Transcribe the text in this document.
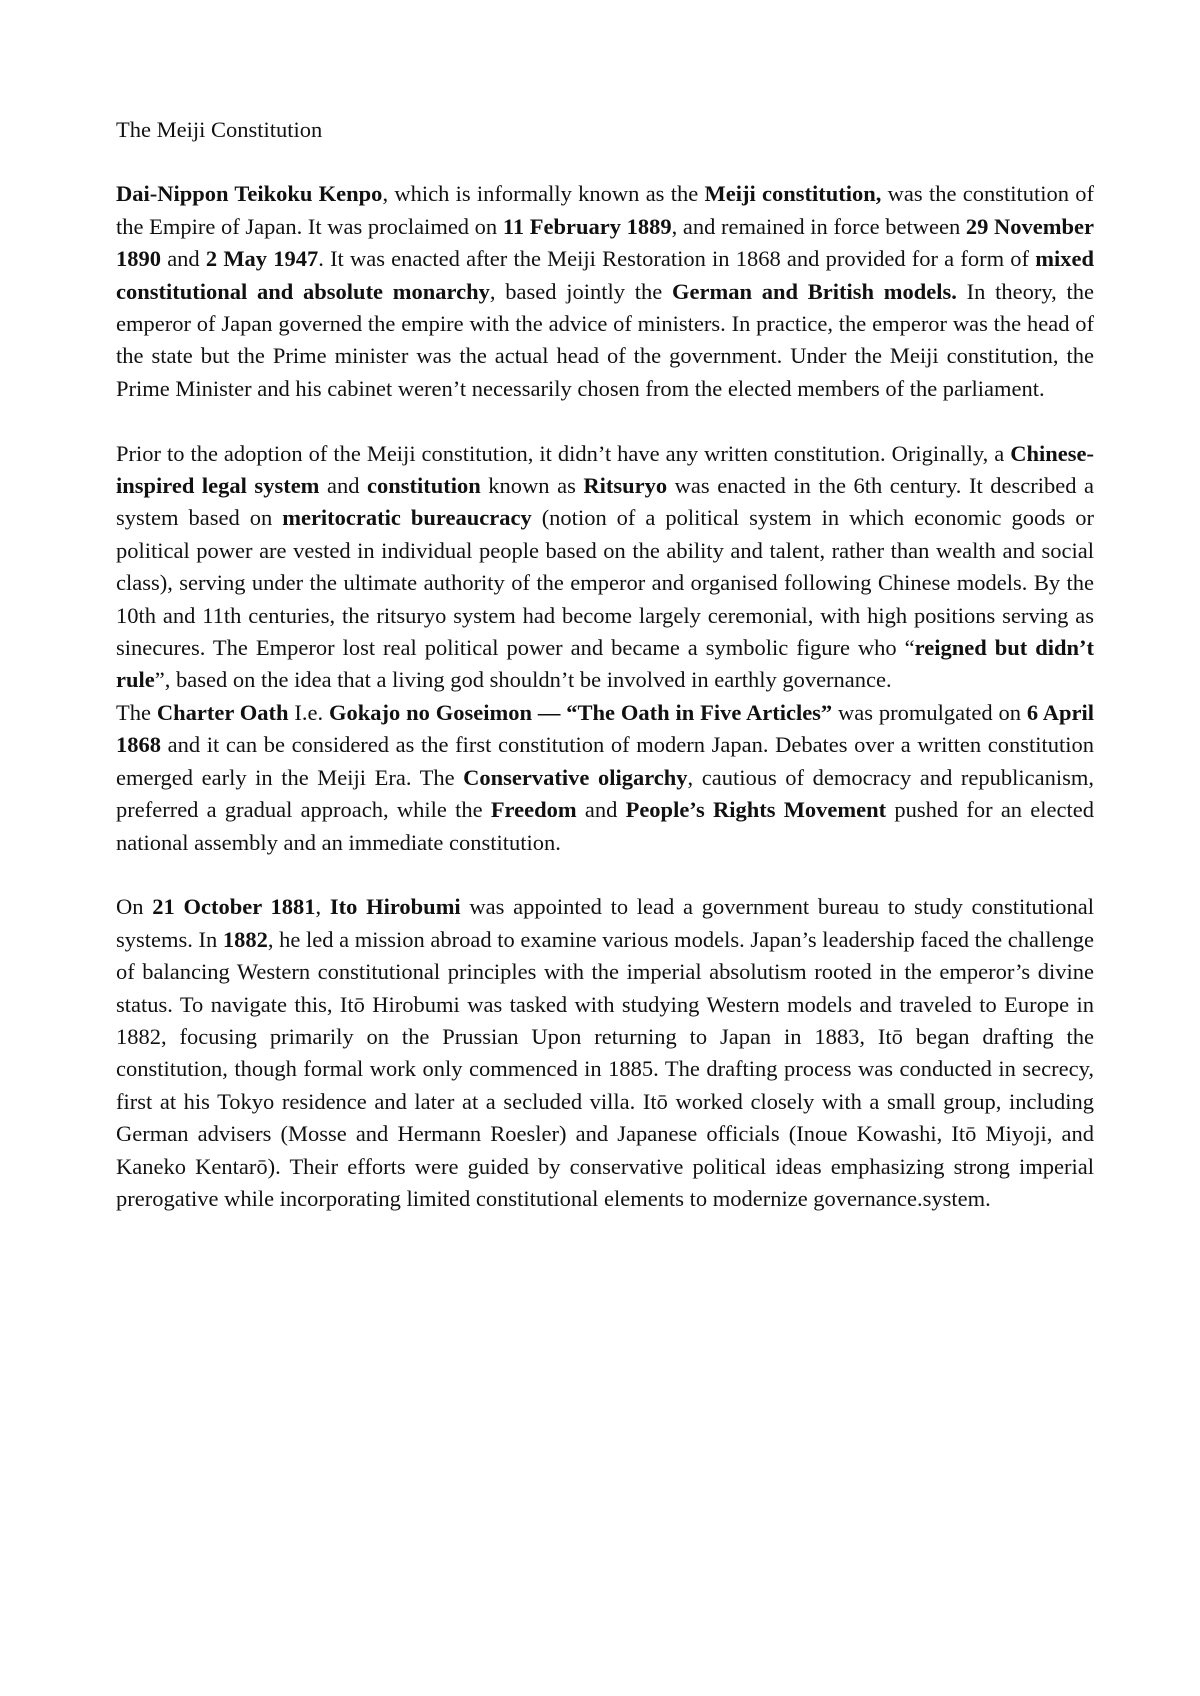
The Meiji Constitution

Dai-Nippon Teikoku Kenpo, which is informally known as the Meiji constitution, was the constitution of the Empire of Japan. It was proclaimed on 11 February 1889, and remained in force between 29 November 1890 and 2 May 1947. It was enacted after the Meiji Restoration in 1868 and provided for a form of mixed constitutional and absolute monarchy, based jointly the German and British models. In theory, the emperor of Japan governed the empire with the advice of ministers. In practice, the emperor was the head of the state but the Prime minister was the actual head of the government. Under the Meiji constitution, the Prime Minister and his cabinet weren’t necessarily chosen from the elected members of the parliament.

Prior to the adoption of the Meiji constitution, it didn’t have any written constitution. Originally, a Chinese-inspired legal system and constitution known as Ritsuryo was enacted in the 6th century. It described a system based on meritocratic bureaucracy (notion of a political system in which economic goods or political power are vested in individual people based on the ability and talent, rather than wealth and social class), serving under the ultimate authority of the emperor and organised following Chinese models. By the 10th and 11th centuries, the ritsuryo system had become largely ceremonial, with high positions serving as sinecures. The Emperor lost real political power and became a symbolic figure who “reigned but didn’t rule”, based on the idea that a living god shouldn’t be involved in earthly governance.

The Charter Oath I.e. Gokajo no Goseimon — “The Oath in Five Articles” was promulgated on 6 April 1868 and it can be considered as the first constitution of modern Japan. Debates over a written constitution emerged early in the Meiji Era. The Conservative oligarchy, cautious of democracy and republicanism, preferred a gradual approach, while the Freedom and People’s Rights Movement pushed for an elected national assembly and an immediate constitution.

On 21 October 1881, Ito Hirobumi was appointed to lead a government bureau to study constitutional systems. In 1882, he led a mission abroad to examine various models. Japan’s leadership faced the challenge of balancing Western constitutional principles with the imperial absolutism rooted in the emperor’s divine status. To navigate this, Itō Hirobumi was tasked with studying Western models and traveled to Europe in 1882, focusing primarily on the Prussian Upon returning to Japan in 1883, Itō began drafting the constitution, though formal work only commenced in 1885. The drafting process was conducted in secrecy, first at his Tokyo residence and later at a secluded villa. Itō worked closely with a small group, including German advisers (Mosse and Hermann Roesler) and Japanese officials (Inoue Kowashi, Itō Miyoji, and Kaneko Kentarō). Their efforts were guided by conservative political ideas emphasizing strong imperial prerogative while incorporating limited constitutional elements to modernize governance.system.
